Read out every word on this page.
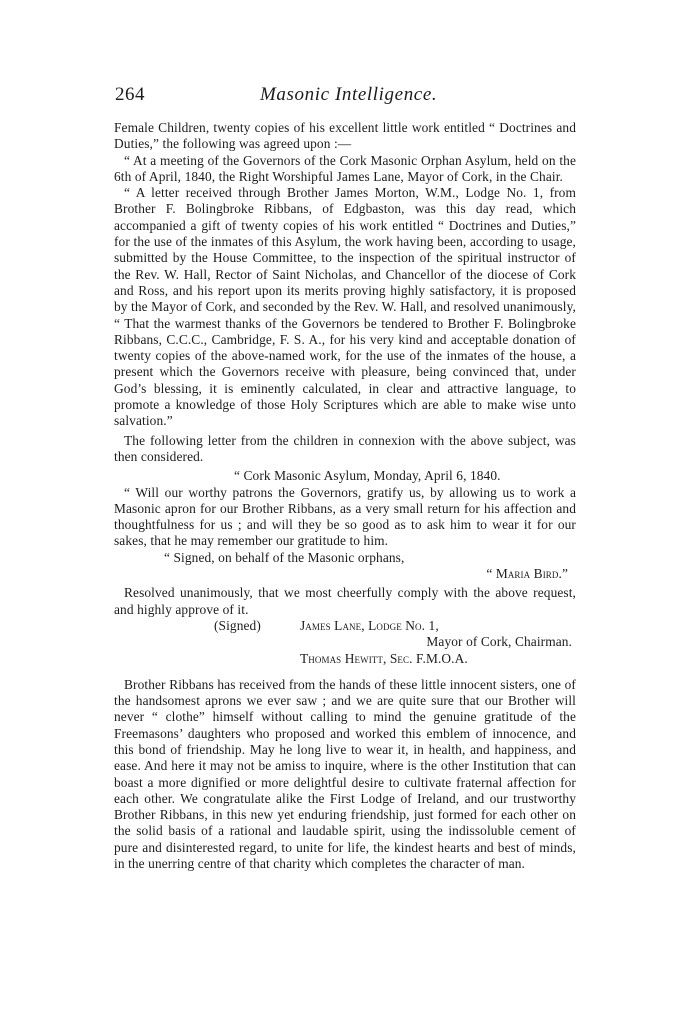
264	Masonic Intelligence.

Female Children, twenty copies of his excellent little work entitled “ Doctrines and Duties,” the following was agreed upon :—

“ At a meeting of the Governors of the Cork Masonic Orphan Asylum, held on the 6th of April, 1840, the Right Worshipful James Lane, Mayor of Cork, in the Chair.

“ A letter received through Brother James Morton, W.M., Lodge No. 1, from Brother F. Bolingbroke Ribbans, of Edgbaston, was this day read, which accompanied a gift of twenty copies of his work entitled “ Doctrines and Duties,” for the use of the inmates of this Asylum, the work having been, according to usage, submitted by the House Committee, to the inspection of the spiritual instructor of the Rev. W. Hall, Rector of Saint Nicholas, and Chancellor of the diocese of Cork and Ross, and his report upon its merits proving highly satisfactory, it is proposed by the Mayor of Cork, and seconded by the Rev. W. Hall, and resolved unanimously, “ That the warmest thanks of the Governors be tendered to Brother F. Bolingbroke Ribbans, C.C.C., Cambridge, F. S. A., for his very kind and acceptable donation of twenty copies of the above-named work, for the use of the inmates of the house, a present which the Governors receive with pleasure, being convinced that, under God’s blessing, it is eminently calculated, in clear and attractive language, to promote a knowledge of those Holy Scriptures which are able to make wise unto salvation.”

The following letter from the children in connexion with the above subject, was then considered.

“ Cork Masonic Asylum, Monday, April 6, 1840.

“ Will our worthy patrons the Governors, gratify us, by allowing us to work a Masonic apron for our Brother Ribbans, as a very small return for his affection and thoughtfulness for us ; and will they be so good as to ask him to wear it for our sakes, that he may remember our gratitude to him.

“ Signed, on behalf of the Masonic orphans,

“ Maria Bird.”

Resolved unanimously, that we most cheerfully comply with the above request, and highly approve of it.

(Signed)	James Lane, Lodge No. 1,
Mayor of Cork, Chairman.
Thomas Hewitt, Sec. F.M.O.A.

Brother Ribbans has received from the hands of these little innocent sisters, one of the handsomest aprons we ever saw ; and we are quite sure that our Brother will never “ clothe” himself without calling to mind the genuine gratitude of the Freemasons’ daughters who proposed and worked this emblem of innocence, and this bond of friendship. May he long live to wear it, in health, and happiness, and ease. And here it may not be amiss to inquire, where is the other Institution that can boast a more dignified or more delightful desire to cultivate fraternal affection for each other. We congratulate alike the First Lodge of Ireland, and our trustworthy Brother Ribbans, in this new yet enduring friendship, just formed for each other on the solid basis of a rational and laudable spirit, using the indissoluble cement of pure and disinterested regard, to unite for life, the kindest hearts and best of minds, in the unerring centre of that charity which completes the character of man.
